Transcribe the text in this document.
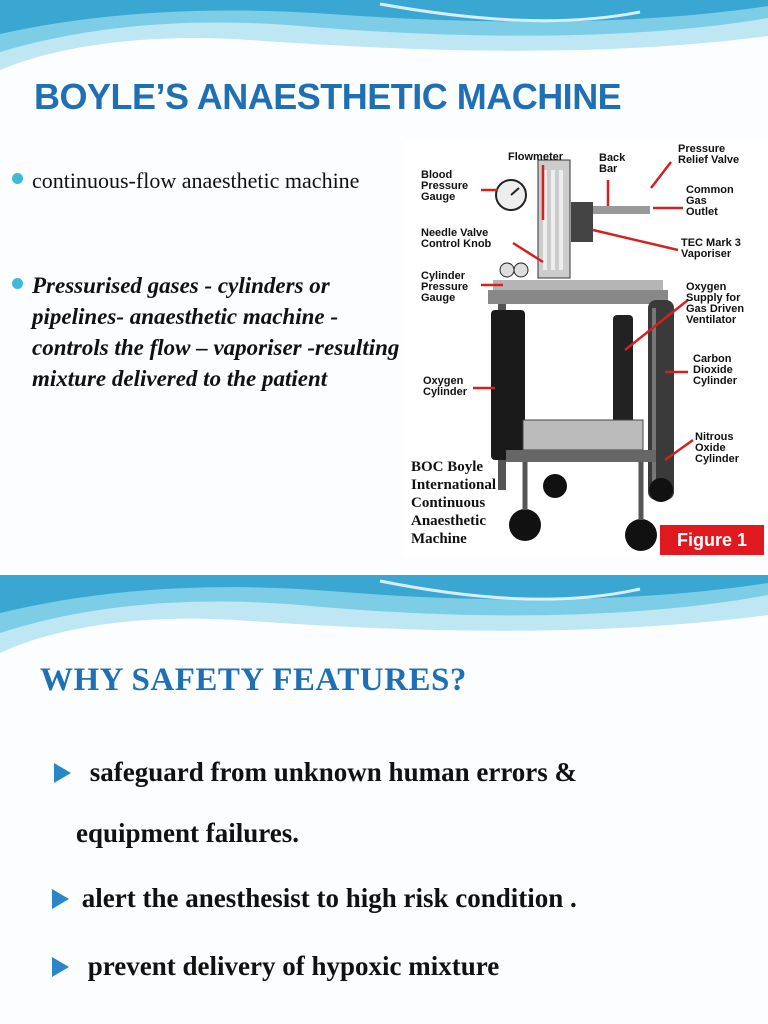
BOYLE’S ANAESTHETIC MACHINE
continuous-flow anaesthetic machine
Pressurised gases - cylinders or pipelines- anaesthetic machine - controls the flow – vaporiser -resulting mixture delivered to the patient
Blood
Pressure
Gauge
Flowmeter	Back
Bar
Pressure
Relief Valve
Common
Gas
Outlet
Needle Valve
Control Knob	TEC Mark 3
Vaporiser
Cylinder
Pressure
Gauge
Oxygen
Supply for
Gas Driven
Ventilator
Carbon
Dioxide
Cylinder
Oxygen
Cylinder
Nitrous
Oxide
Cylinder
BOC Boyle
International
Continuous
Anaesthetic
Machine	Figure 1
WHY SAFETY FEATURES?
safeguard from unknown human errors &
equipment failures.
alert the anesthesist to high risk condition .
prevent delivery of hypoxic mixture
